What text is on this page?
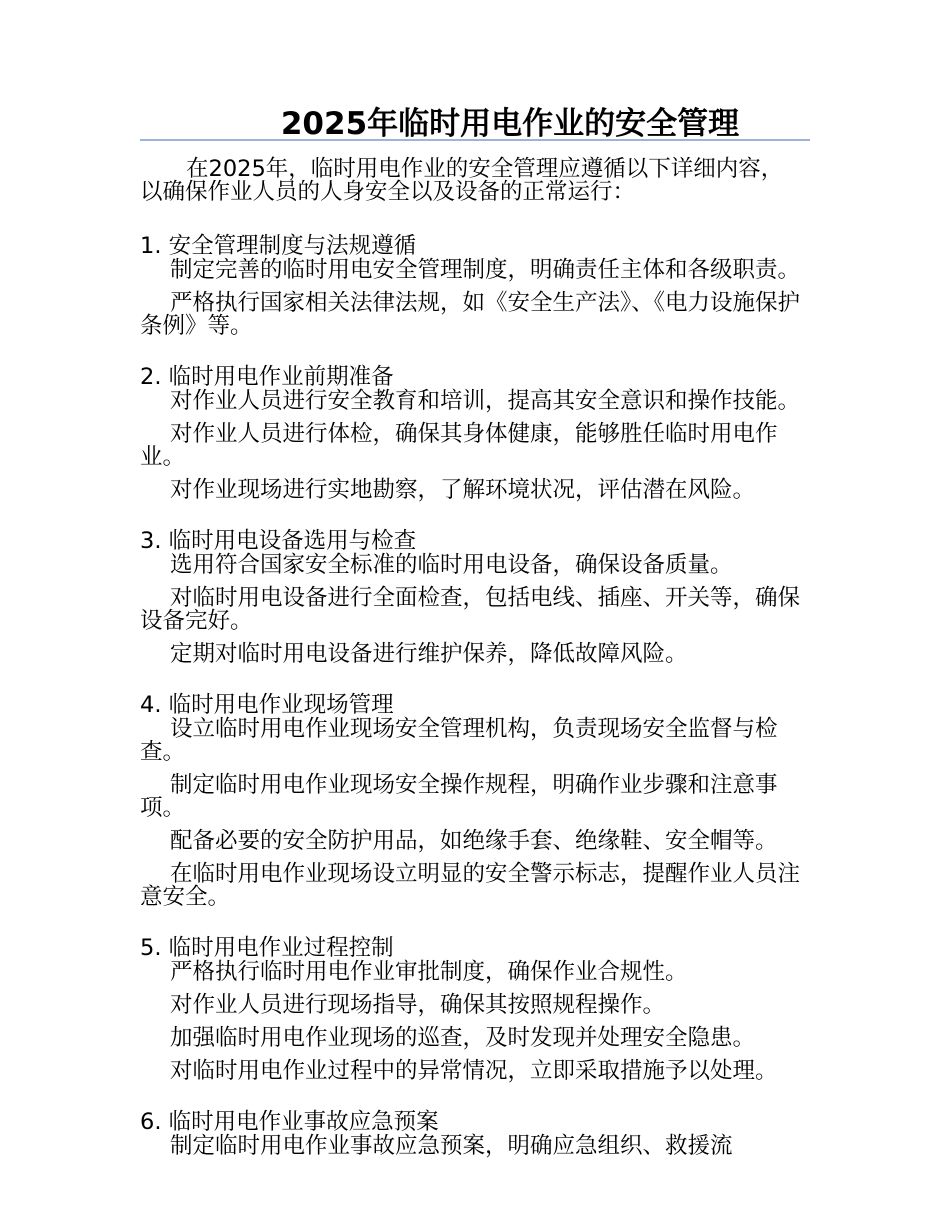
2025年临时用电作业的安全管理

在2025年，临时用电作业的安全管理应遵循以下详细内容，以确保作业人员的人身安全以及设备的正常运行：

1. 安全管理制度与法规遵循

制定完善的临时用电安全管理制度，明确责任主体和各级职责。

严格执行国家相关法律法规，如《安全生产法》、《电力设施保护条例》等。

2. 临时用电作业前期准备

对作业人员进行安全教育和培训，提高其安全意识和操作技能。

对作业人员进行体检，确保其身体健康，能够胜任临时用电作业。

对作业现场进行实地勘察，了解环境状况，评估潜在风险。

3. 临时用电设备选用与检查

选用符合国家安全标准的临时用电设备，确保设备质量。

对临时用电设备进行全面检查，包括电线、插座、开关等，确保设备完好。

定期对临时用电设备进行维护保养，降低故障风险。

4. 临时用电作业现场管理

设立临时用电作业现场安全管理机构，负责现场安全监督与检查。

制定临时用电作业现场安全操作规程，明确作业步骤和注意事项。

配备必要的安全防护用品，如绝缘手套、绝缘鞋、安全帽等。

在临时用电作业现场设立明显的安全警示标志，提醒作业人员注意安全。

5. 临时用电作业过程控制

严格执行临时用电作业审批制度，确保作业合规性。

对作业人员进行现场指导，确保其按照规程操作。

加强临时用电作业现场的巡查，及时发现并处理安全隐患。

对临时用电作业过程中的异常情况，立即采取措施予以处理。

6. 临时用电作业事故应急预案

制定临时用电作业事故应急预案，明确应急组织、救援流
